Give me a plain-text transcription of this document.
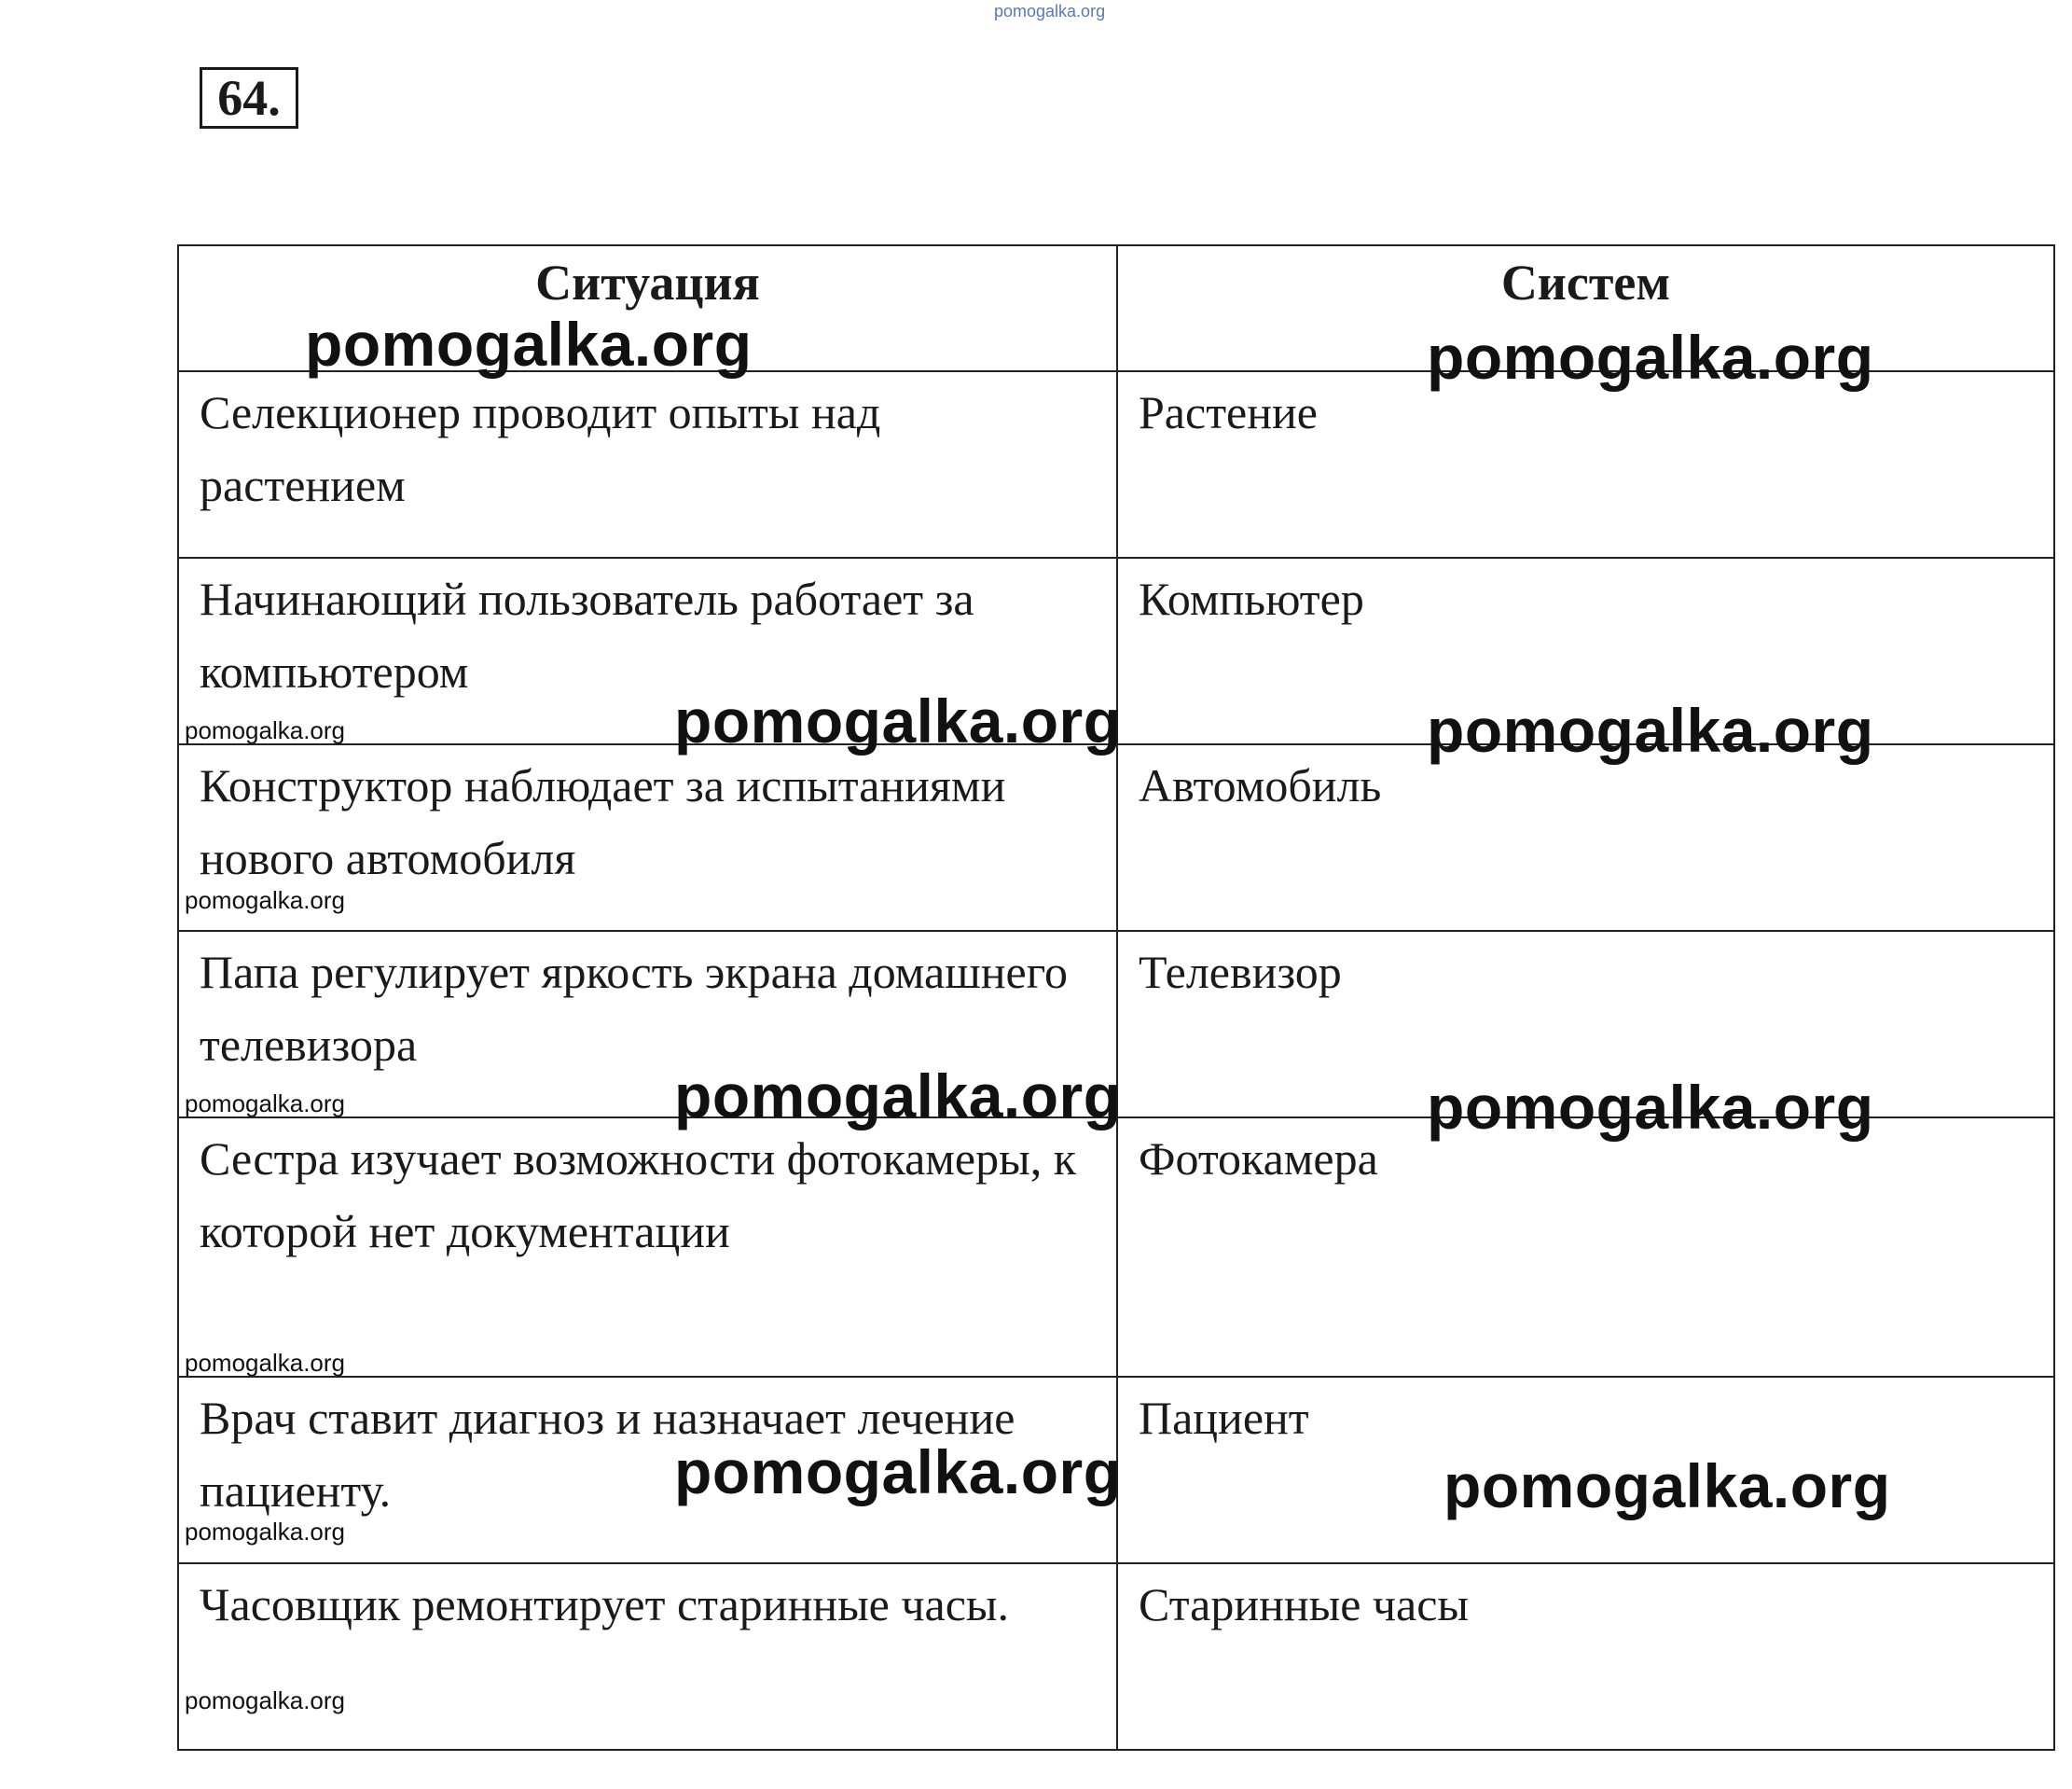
pomogalka.org
64.
Ситуация	Систем
Селекционер проводит опыты над растением	Растение
Начинающий пользователь работает за компьютером	Компьютер
Конструктор наблюдает за испытаниями нового автомобиля	Автомобиль
Папа регулирует яркость экрана домашнего телевизора	Телевизор
Сестра изучает возможности фотокамеры, к которой нет документации	Фотокамера
Врач ставит диагноз и назначает лечение пациенту.	Пациент
Часовщик ремонтирует старинные часы.	Старинные часы
pomogalka.org	pomogalka.org
pomogalka.org	pomogalka.org
pomogalka.org	pomogalka.org
pomogalka.org	pomogalka.org
pomogalka.org
pomogalka.org
pomogalka.org
pomogalka.org
pomogalka.org
pomogalka.org
